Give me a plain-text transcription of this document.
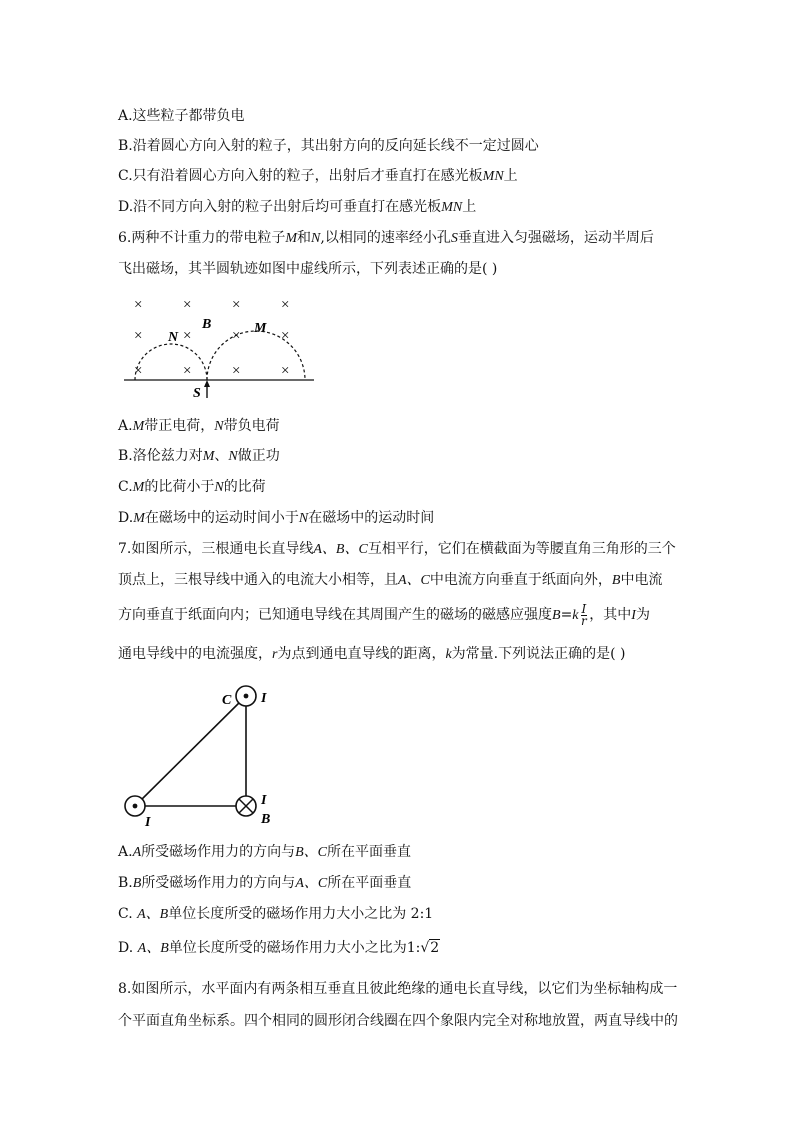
A.这些粒子都带负电
B.沿着圆心方向入射的粒子，其出射方向的反向延长线不一定过圆心
C.只有沿着圆心方向入射的粒子，出射后才垂直打在感光板MN上
D.沿不同方向入射的粒子出射后均可垂直打在感光板MN上
6.两种不计重力的带电粒子M和N,以相同的速率经小孔S垂直进入匀强磁场，运动半周后
飞出磁场，其半圆轨迹如图中虚线所示，下列表述正确的是( )
×	×	×	×
×	×	×	×
×	×	×	×
B
N
M
S
A.M带正电荷，N带负电荷
B.洛伦兹力对M、N做正功
C.M的比荷小于N的比荷
D.M在磁场中的运动时间小于N在磁场中的运动时间
7.如图所示，三根通电长直导线A、B、C互相平行，它们在横截面为等腰直角三角形的三个
顶点上，三根导线中通入的电流大小相等，且A、C中电流方向垂直于纸面向外，B中电流
方向垂直于纸面向内；已知通电导线在其周围产生的磁场的磁感应强度$B=k \frac{I}{r}$ ，其中I为
通电导线中的电流强度，r为点到通电直导线的距离，k为常量.下列说法正确的是( )
C I
I
B
I
A.A所受磁场作用力的方向与B、C所在平面垂直
B.B所受磁场作用力的方向与A、C所在平面垂直
C. A、B单位长度所受的磁场作用力大小之比为 2:1
D. A、B单位长度所受的磁场作用力大小之比为1:√2
8.如图所示，水平面内有两条相互垂直且彼此绝缘的通电长直导线，以它们为坐标轴构成一
个平面直角坐标系。四个相同的圆形闭合线圈在四个象限内完全对称地放置，两直导线中的
